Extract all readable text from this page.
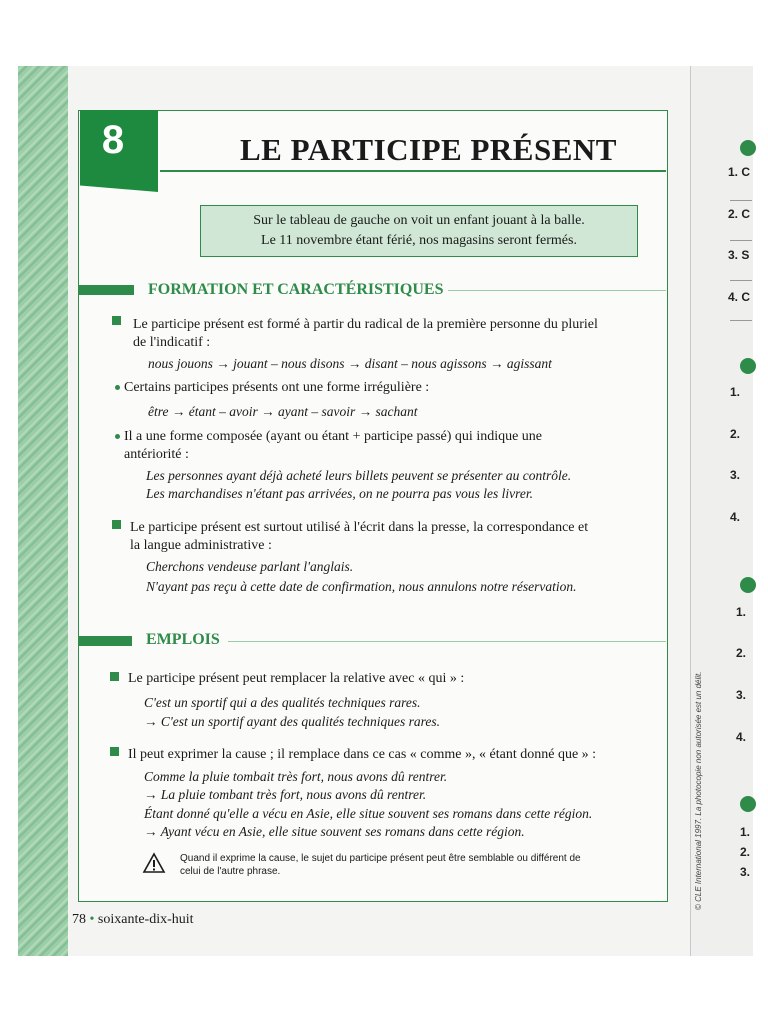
1. C
2. C
3. S
4. C
1.
2.
3.
4.
1.
2.
3.
4.
1.
2.
3.
8	LE PARTICIPE PRÉSENT
Sur le tableau de gauche on voit un enfant jouant à la balle.
Le 11 novembre étant férié, nos magasins seront fermés.
FORMATION ET CARACTÉRISTIQUES
Le participe présent est formé à partir du radical de la première personne du pluriel
de l'indicatif :
nous jouons → jouant – nous disons → disant – nous agissons → agissant
Certains participes présents ont une forme irrégulière :
être → étant – avoir → ayant – savoir → sachant
Il a une forme composée (ayant ou étant + participe passé) qui indique une
antériorité :
Les personnes ayant déjà acheté leurs billets peuvent se présenter au contrôle.
Les marchandises n'étant pas arrivées, on ne pourra pas vous les livrer.
Le participe présent est surtout utilisé à l'écrit dans la presse, la correspondance et
la langue administrative :
Cherchons vendeuse parlant l'anglais.
N'ayant pas reçu à cette date de confirmation, nous annulons notre réservation.
EMPLOIS
Le participe présent peut remplacer la relative avec « qui » :
C'est un sportif qui a des qualités techniques rares.
→ C'est un sportif ayant des qualités techniques rares.
Il peut exprimer la cause ; il remplace dans ce cas « comme », « étant donné que » :
Comme la pluie tombait très fort, nous avons dû rentrer.
→ La pluie tombant très fort, nous avons dû rentrer.
Étant donné qu'elle a vécu en Asie, elle situe souvent ses romans dans cette région.
→ Ayant vécu en Asie, elle situe souvent ses romans dans cette région.
Quand il exprime la cause, le sujet du participe présent peut être semblable ou différent de
celui de l'autre phrase.
78 • soixante-dix-huit
© CLE International 1997. La photocopie non autorisée est un délit.
